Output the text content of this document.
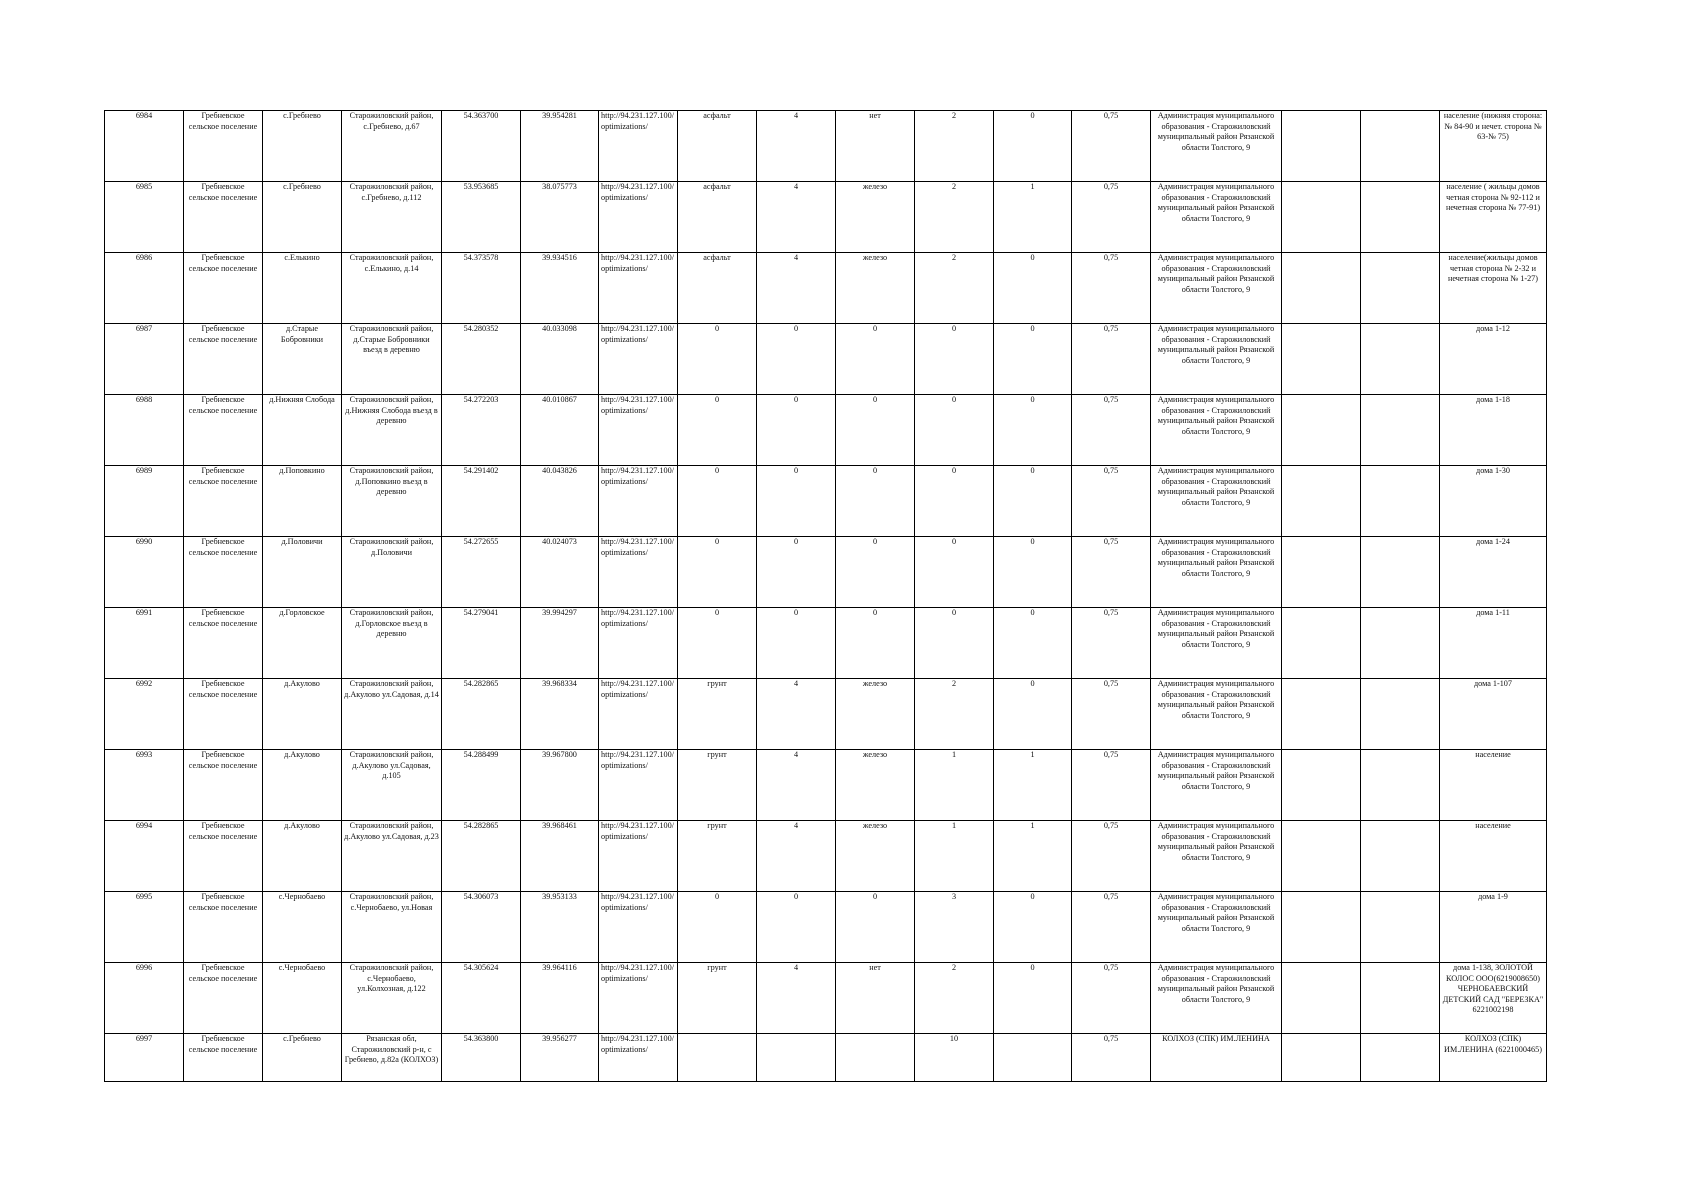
6984	Гребневское сельское поселение	с.Гребнево	Старожиловский район, с.Гребнево, д.67	54.363700	39.954281	http://94.231.127.100/optimizations/	асфальт	4	нет	2	0	0,75	Администрация муниципального образования - Старожиловский муниципальный район Рязанской области Толстого, 9			население (нижняя сторона: № 84-90 и нечет. сторона № 63-№ 75)
6985	Гребневское сельское поселение	с.Гребнево	Старожиловский район, с.Гребнево, д.112	53.953685	38.075773	http://94.231.127.100/optimizations/	асфальт	4	железо	2	1	0,75	Администрация муниципального образования - Старожиловский муниципальный район Рязанской области Толстого, 9			население ( жильцы домов четная сторона № 92-112 и нечетная сторона № 77-91)
6986	Гребневское сельское поселение	с.Елькино	Старожиловский район, с.Елькино, д.14	54.373578	39.934516	http://94.231.127.100/optimizations/	асфальт	4	железо	2	0	0,75	Администрация муниципального образования - Старожиловский муниципальный район Рязанской области Толстого, 9			население(жильцы домов четная сторона № 2-32 и нечетная сторона № 1-27)
6987	Гребневское сельское поселение	д.Старые Бобровники	Старожиловский район, д.Старые Бобровники въезд в деревню	54.280352	40.033098	http://94.231.127.100/optimizations/	0	0	0	0	0	0,75	Администрация муниципального образования - Старожиловский муниципальный район Рязанской области Толстого, 9			дома 1-12
6988	Гребневское сельское поселение	д.Нижняя Слобода	Старожиловский район, д.Нижняя Слобода въезд в деревню	54.272203	40.010867	http://94.231.127.100/optimizations/	0	0	0	0	0	0,75	Администрация муниципального образования - Старожиловский муниципальный район Рязанской области Толстого, 9			дома 1-18
6989	Гребневское сельское поселение	д.Поповкино	Старожиловский район, д.Поповкино въезд в деревню	54.291402	40.043826	http://94.231.127.100/optimizations/	0	0	0	0	0	0,75	Администрация муниципального образования - Старожиловский муниципальный район Рязанской области Толстого, 9			дома 1-30
6990	Гребневское сельское поселение	д.Половичи	Старожиловский район, д.Половичи	54.272655	40.024073	http://94.231.127.100/optimizations/	0	0	0	0	0	0,75	Администрация муниципального образования - Старожиловский муниципальный район Рязанской области Толстого, 9			дома 1-24
6991	Гребневское сельское поселение	д.Горловское	Старожиловский район, д.Горловское въезд в деревню	54.279041	39.994297	http://94.231.127.100/optimizations/	0	0	0	0	0	0,75	Администрация муниципального образования - Старожиловский муниципальный район Рязанской области Толстого, 9			дома 1-11
6992	Гребневское сельское поселение	д.Акулово	Старожиловский район, д.Акулово ул.Садовая, д.14	54.282865	39.968334	http://94.231.127.100/optimizations/	грунт	4	железо	2	0	0,75	Администрация муниципального образования - Старожиловский муниципальный район Рязанской области Толстого, 9			дома 1-107
6993	Гребневское сельское поселение	д.Акулово	Старожиловский район, д.Акулово ул.Садовая, д.105	54.288499	39.967800	http://94.231.127.100/optimizations/	грунт	4	железо	1	1	0,75	Администрация муниципального образования - Старожиловский муниципальный район Рязанской области Толстого, 9			население
6994	Гребневское сельское поселение	д.Акулово	Старожиловский район, д.Акулово ул.Садовая, д.23	54.282865	39.968461	http://94.231.127.100/optimizations/	грунт	4	железо	1	1	0,75	Администрация муниципального образования - Старожиловский муниципальный район Рязанской области Толстого, 9			население
6995	Гребневское сельское поселение	с.Чернобаево	Старожиловский район, с.Чернобаево, ул.Новая	54.306073	39.953133	http://94.231.127.100/optimizations/	0	0	0	3	0	0,75	Администрация муниципального образования - Старожиловский муниципальный район Рязанской области Толстого, 9			дома 1-9
6996	Гребневское сельское поселение	с.Чернобаево	Старожиловский район, с.Чернобаево, ул.Колхозная, д.122	54.305624	39.964116	http://94.231.127.100/optimizations/	грунт	4	нет	2	0	0,75	Администрация муниципального образования - Старожиловский муниципальный район Рязанской области Толстого, 9			дома 1-138, ЗОЛОТОЙ КОЛОС ООО(6219008650) ЧЕРНОБАЕВСКИЙ ДЕТСКИЙ САД "БЕРЕЗКА" 6221002198
6997	Гребневское сельское поселение	с.Гребнево	Рязанская обл, Старожиловский р-н, с Гребнево, д.82а (КОЛХОЗ)	54.363800	39.956277	http://94.231.127.100/optimizations/				10		0,75	КОЛХОЗ (СПК) ИМ.ЛЕНИНА			КОЛХОЗ (СПК) ИМ.ЛЕНИНА (6221000465)
